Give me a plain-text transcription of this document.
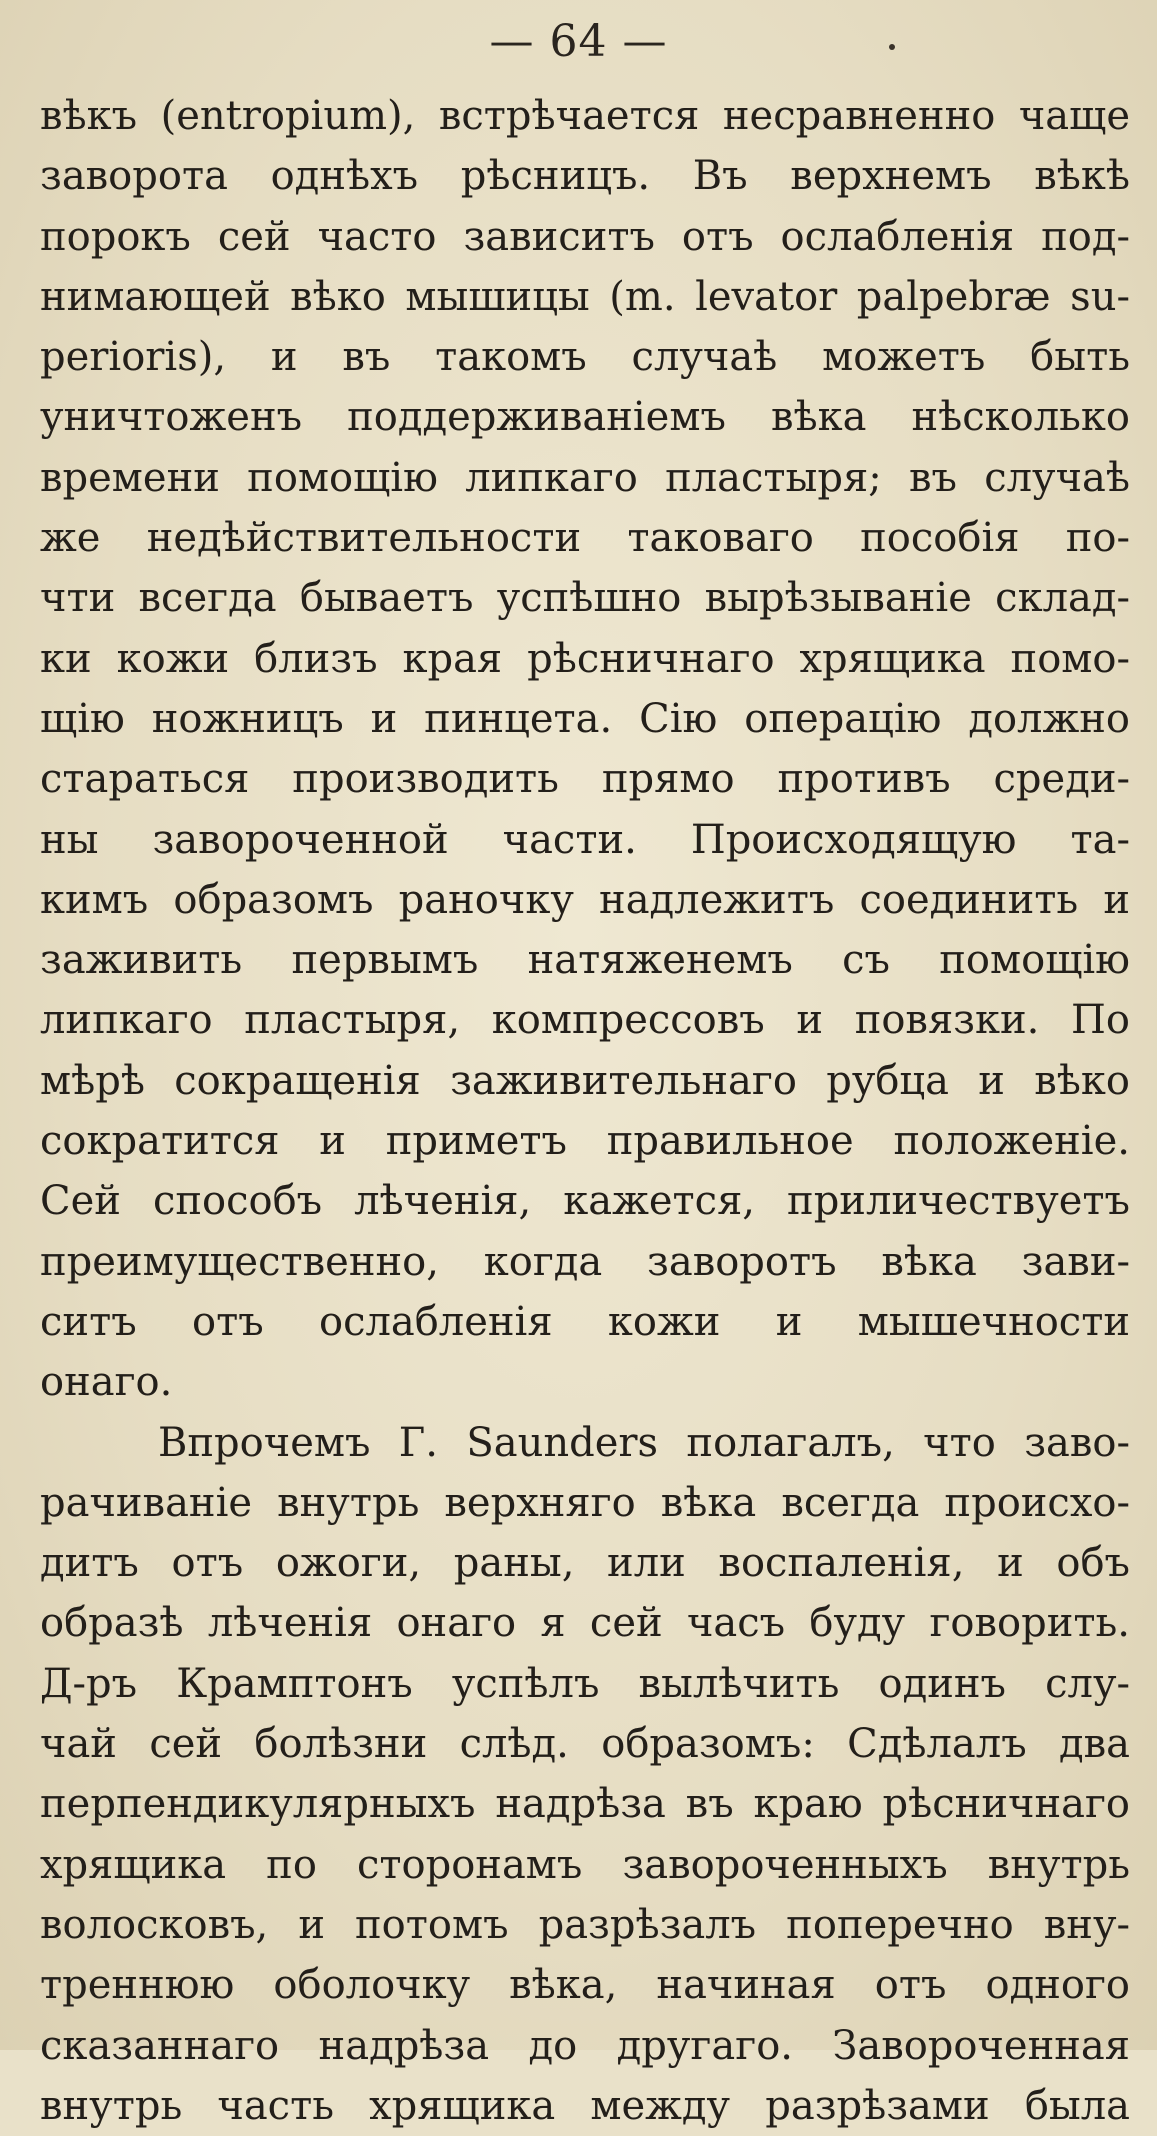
— 64 —
вѣкъ (entropium), встрѣчается несравненно чаще
заворота однѣхъ рѣсницъ. Въ верхнемъ вѣкѣ
порокъ сей часто зависитъ отъ ослабленія под-
нимающей вѣко мышицы (m. levator palpebræ su-
perioris), и въ такомъ случаѣ можетъ быть
уничтоженъ поддерживаніемъ вѣка нѣсколько
времени помощію липкаго пластыря; въ случаѣ
же недѣйствительности таковаго пособія по-
чти всегда бываетъ успѣшно вырѣзываніе склад-
ки кожи близъ края рѣсничнаго хрящика помо-
щію ножницъ и пинцета. Сію операцію должно
стараться производить прямо противъ среди-
ны завороченной части. Происходящую та-
кимъ образомъ раночку надлежитъ соединить и
заживить первымъ натяженемъ съ помощію
липкаго пластыря, компрессовъ и повязки. По
мѣрѣ сокращенія заживительнаго рубца и вѣко
сократится и приметъ правильное положеніе.
Сей способъ лѣченія, кажется, приличествуетъ
преимущественно, когда заворотъ вѣка зави-
ситъ отъ ослабленія кожи и мышечности
онаго.
Впрочемъ Г. Saunders полагалъ, что заво-
рачиваніе внутрь верхняго вѣка всегда происхо-
дитъ отъ ожоги, раны, или воспаленія, и объ
образѣ лѣченія онаго я сей часъ буду говорить.
Д-ръ Крамптонъ успѣлъ вылѣчить одинъ слу-
чай сей болѣзни слѣд. образомъ: Сдѣлалъ два
перпендикулярныхъ надрѣза въ краю рѣсничнаго
хрящика по сторонамъ завороченныхъ внутрь
волосковъ, и потомъ разрѣзалъ поперечно вну-
треннюю оболочку вѣка, начиная отъ одного
сказаннаго надрѣза до другаго. Завороченная
внутрь часть хрящика между разрѣзами была
